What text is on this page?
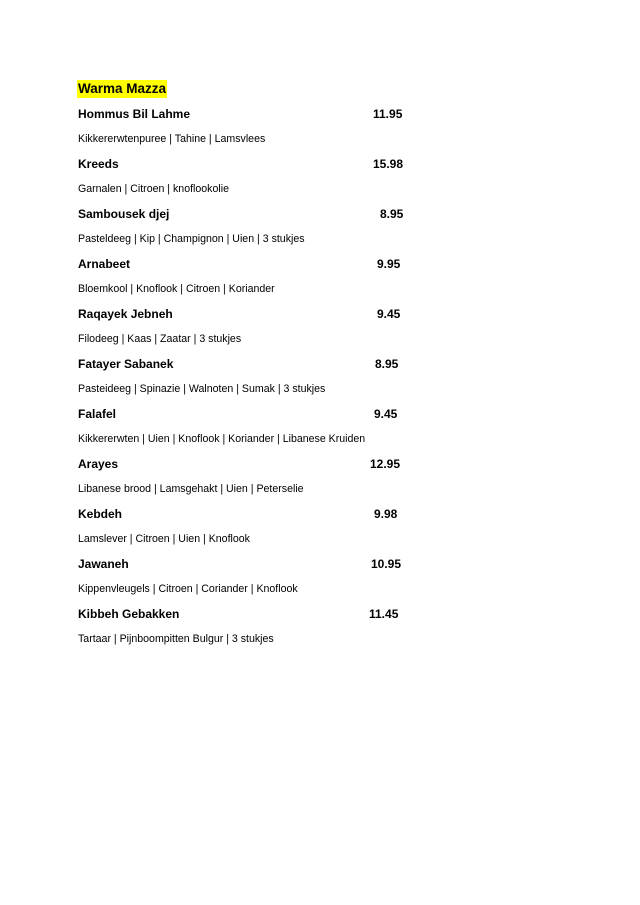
Warma Mazza
Hommus Bil Lahme	11.95
Kikkererwtenpuree | Tahine | Lamsvlees
Kreeds	15.98
Garnalen | Citroen | knoflookolie
Sambousek djej	8.95
Pasteldeeg | Kip | Champignon | Uien | 3 stukjes
Arnabeet	9.95
Bloemkool | Knoflook | Citroen | Koriander
Raqayek Jebneh	9.45
Filodeeg | Kaas | Zaatar | 3 stukjes
Fatayer Sabanek	8.95
Pasteideeg | Spinazie | Walnoten | Sumak | 3 stukjes
Falafel	9.45
Kikkererwten | Uien | Knoflook | Koriander | Libanese Kruiden
Arayes	12.95
Libanese brood | Lamsgehakt | Uien | Peterselie
Kebdeh	9.98
Lamslever | Citroen | Uien | Knoflook
Jawaneh	10.95
Kippenvleugels | Citroen | Coriander | Knoflook
Kibbeh Gebakken	11.45
Tartaar | Pijnboompitten Bulgur | 3 stukjes
